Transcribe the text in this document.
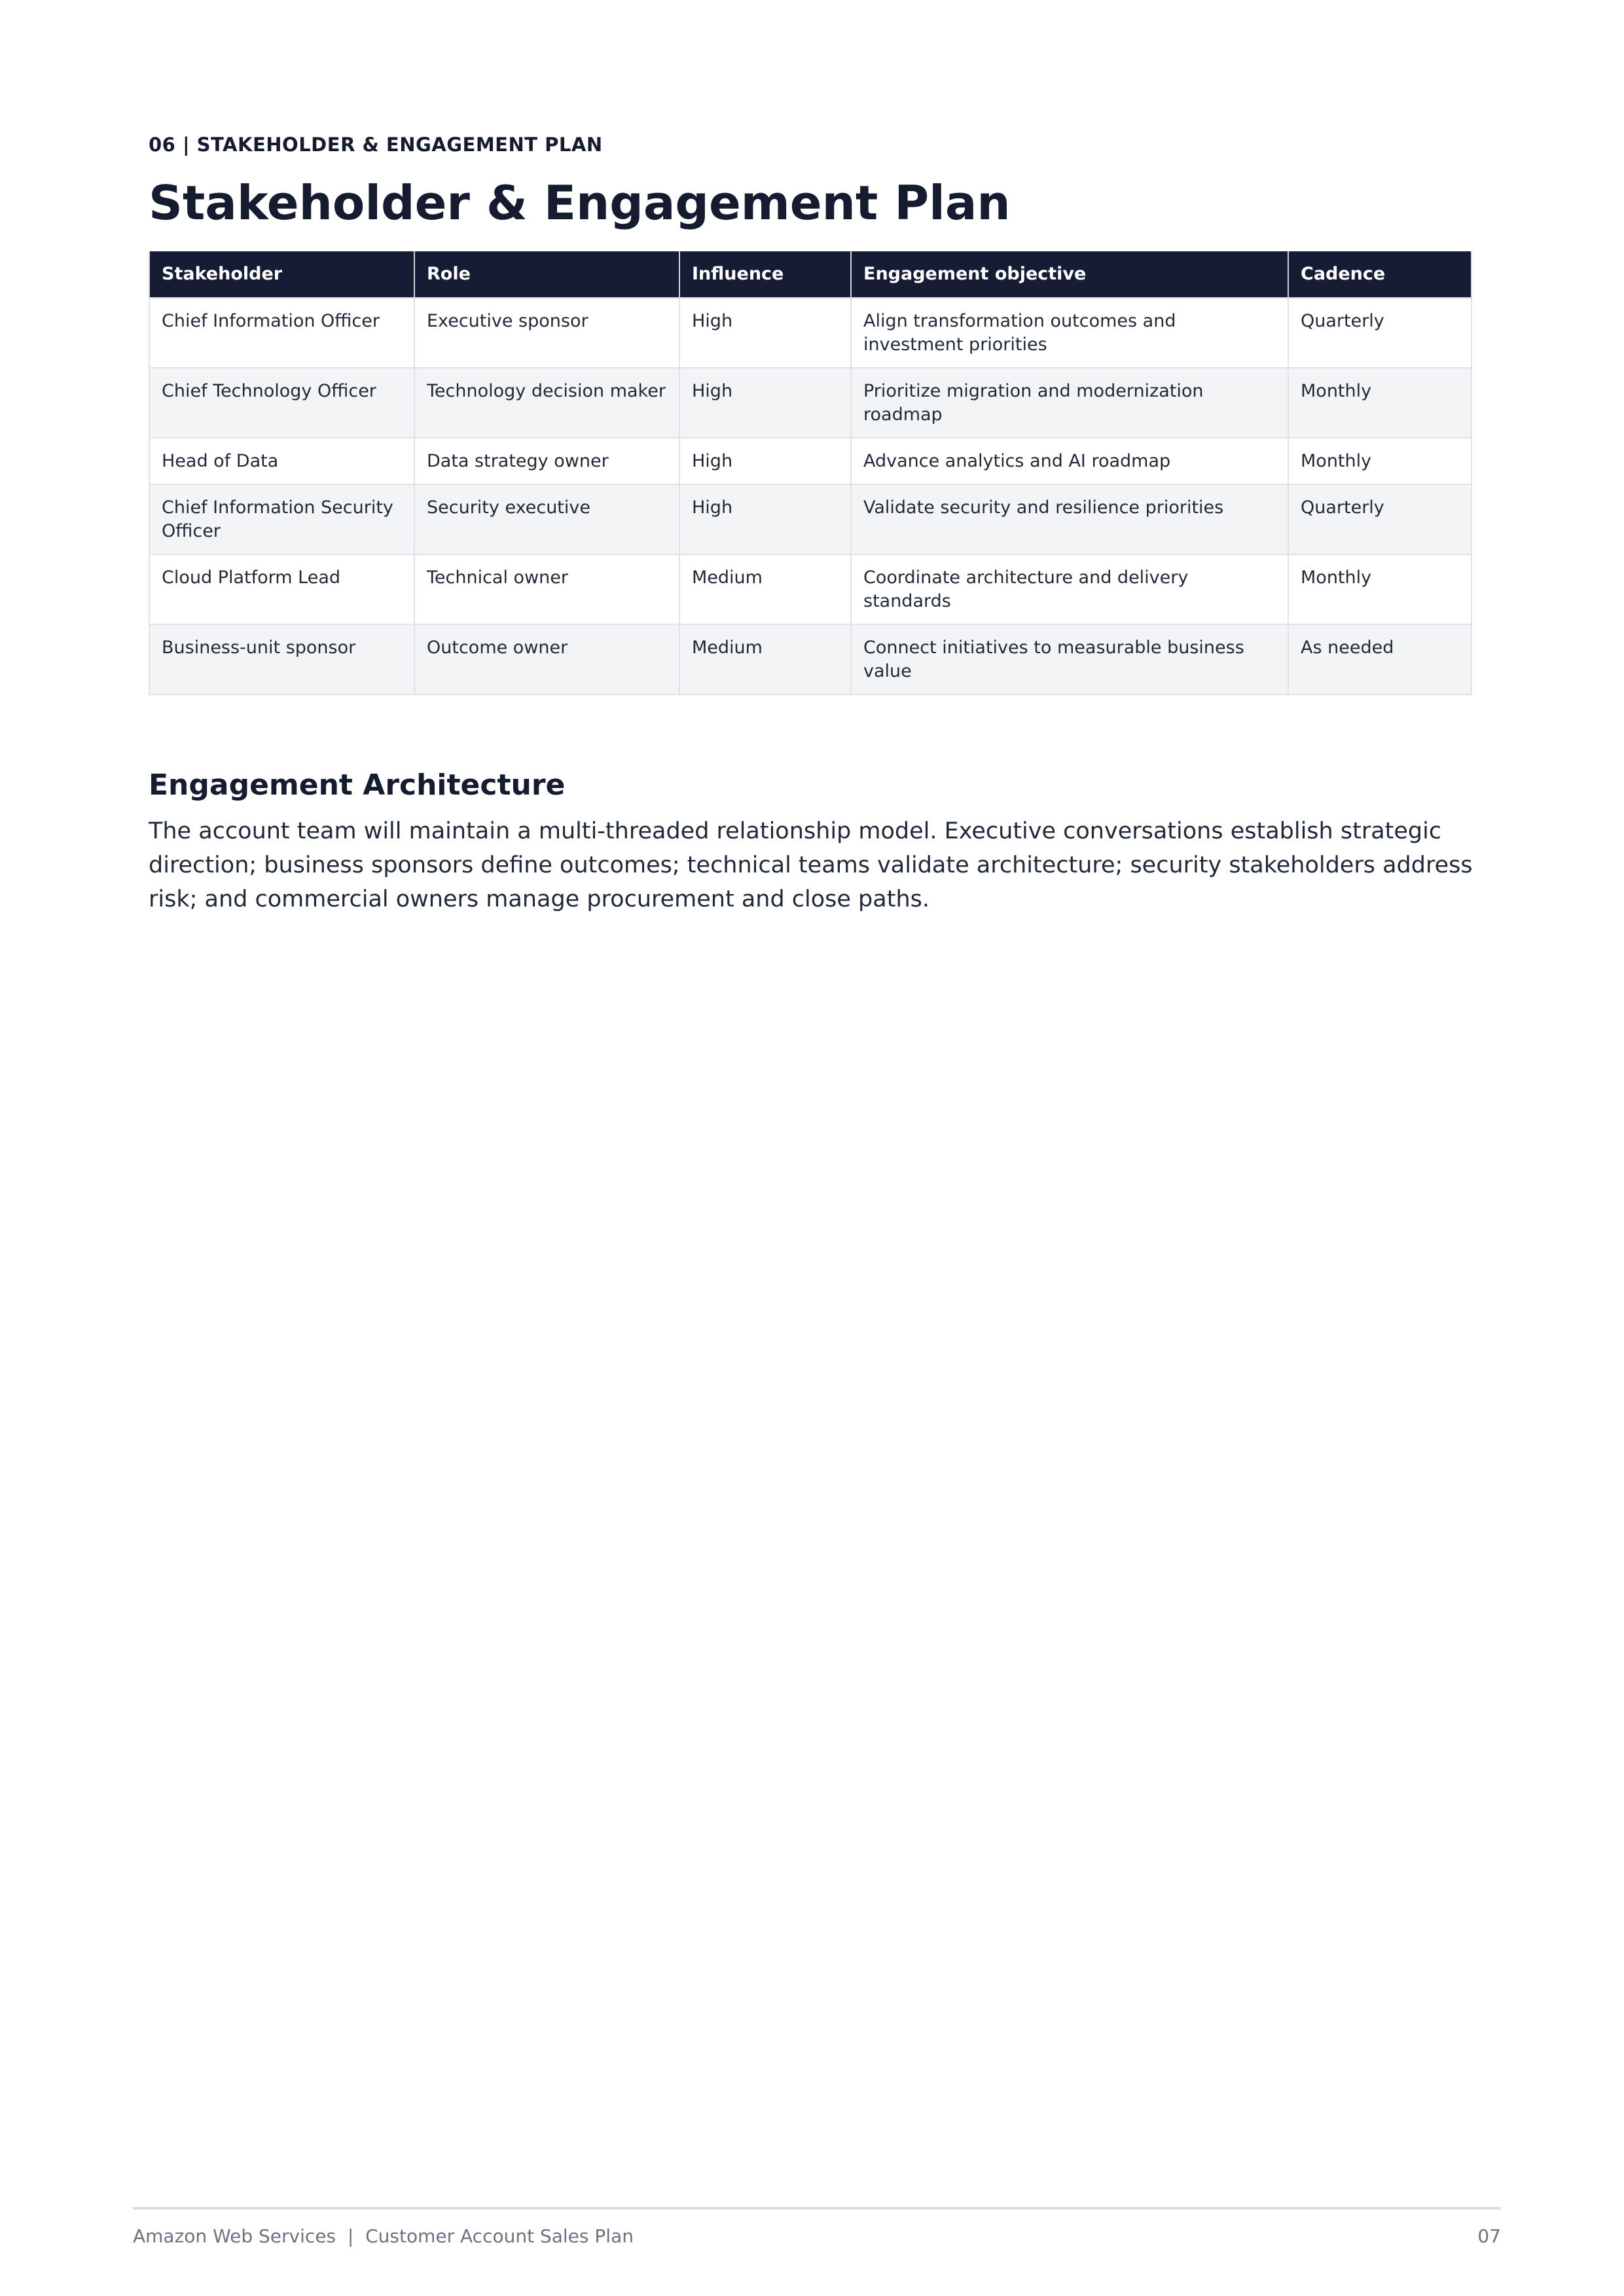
06 | STAKEHOLDER & ENGAGEMENT PLAN
Stakeholder & Engagement Plan
Stakeholder	Role	Influence	Engagement objective	Cadence
Chief Information Officer	Executive sponsor	High	Align transformation outcomes and investment priorities	Quarterly
Chief Technology Officer	Technology decision maker	High	Prioritize migration and modernization roadmap	Monthly
Head of Data	Data strategy owner	High	Advance analytics and AI roadmap	Monthly
Chief Information Security Officer	Security executive	High	Validate security and resilience priorities	Quarterly
Cloud Platform Lead	Technical owner	Medium	Coordinate architecture and delivery standards	Monthly
Business-unit sponsor	Outcome owner	Medium	Connect initiatives to measurable business value	As needed
Engagement Architecture

The account team will maintain a multi-threaded relationship model. Executive conversations establish strategic direction; business sponsors define outcomes; technical teams validate architecture; security stakeholders address risk; and commercial owners manage procurement and close paths.

Amazon Web Services  |  Customer Account Sales Plan	07
